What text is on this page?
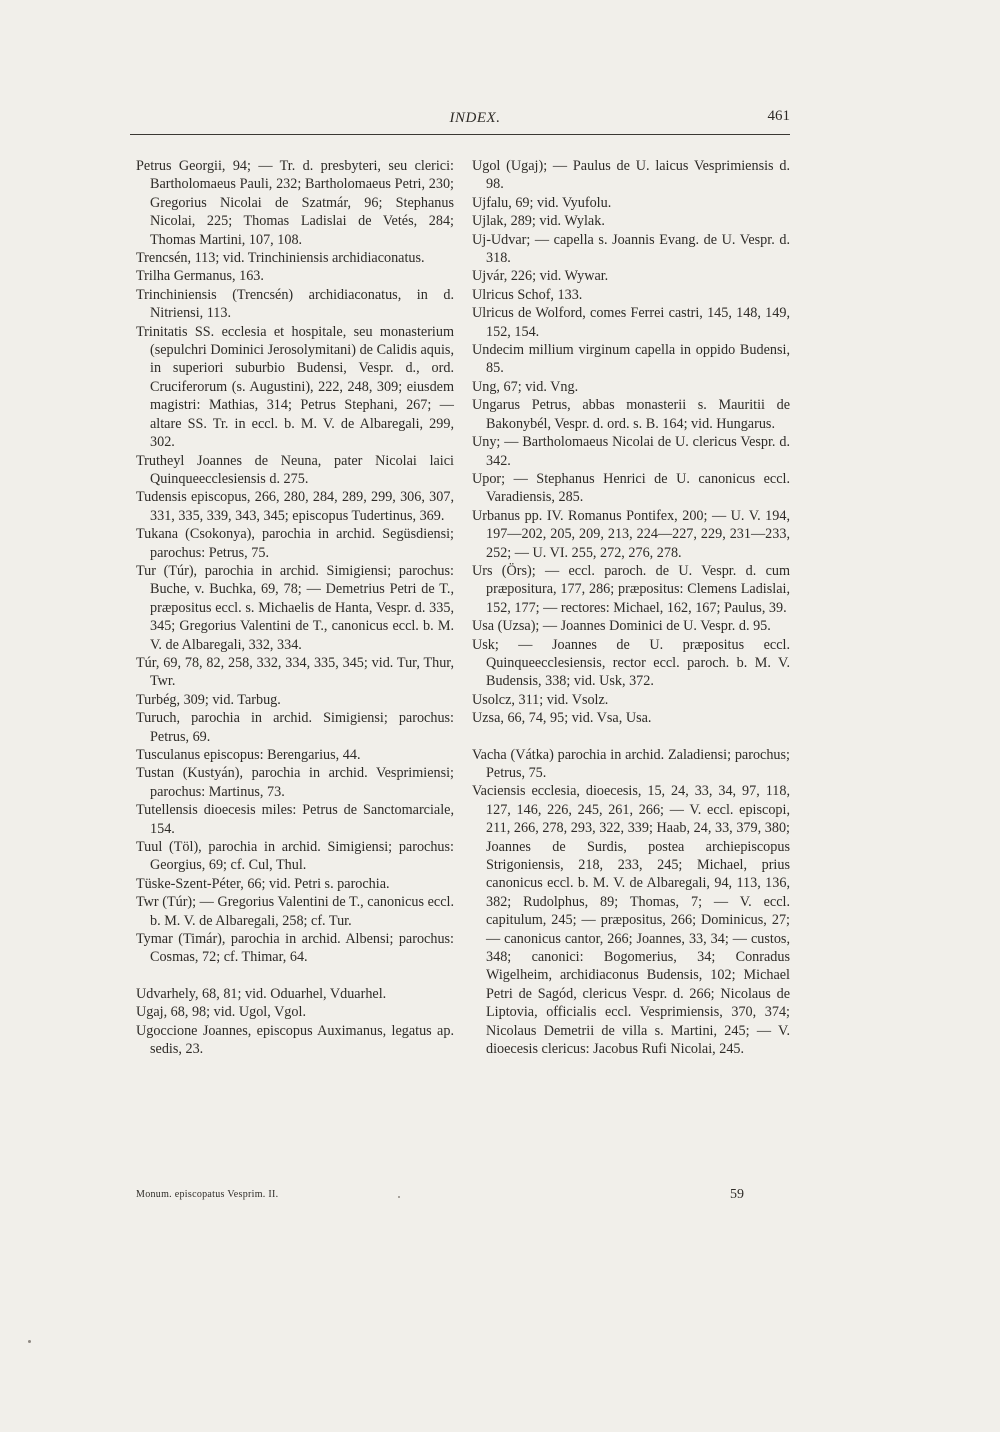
INDEX.	461

Petrus Georgii, 94; — Tr. d. presbyteri, seu clerici: Bartholomaeus Pauli, 232; Bartholomaeus Petri, 230; Gregorius Nicolai de Szatmár, 96; Stephanus Nicolai, 225; Thomas Ladislai de Vetés, 284; Thomas Martini, 107, 108.

Trencsén, 113; vid. Trinchiniensis archidiaconatus.

Trilha Germanus, 163.

Trinchiniensis (Trencsén) archidiaconatus, in d. Nitriensi, 113.

Trinitatis SS. ecclesia et hospitale, seu monasterium (sepulchri Dominici Jerosolymitani) de Calidis aquis, in superiori suburbio Budensi, Vespr. d., ord. Cruciferorum (s. Augustini), 222, 248, 309; eiusdem magistri: Mathias, 314; Petrus Stephani, 267; — altare SS. Tr. in eccl. b. M. V. de Albaregali, 299, 302.

Trutheyl Joannes de Neuna, pater Nicolai laici Quinqueecclesiensis d. 275.

Tudensis episcopus, 266, 280, 284, 289, 299, 306, 307, 331, 335, 339, 343, 345; episcopus Tudertinus, 369.

Tukana (Csokonya), parochia in archid. Següsdiensi; parochus: Petrus, 75.

Tur (Túr), parochia in archid. Simigiensi; parochus: Buche, v. Buchka, 69, 78; — Demetrius Petri de T., præpositus eccl. s. Michaelis de Hanta, Vespr. d. 335, 345; Gregorius Valentini de T., canonicus eccl. b. M. V. de Albaregali, 332, 334.

Túr, 69, 78, 82, 258, 332, 334, 335, 345; vid. Tur, Thur, Twr.

Turbég, 309; vid. Tarbug.

Turuch, parochia in archid. Simigiensi; parochus: Petrus, 69.

Tusculanus episcopus: Berengarius, 44.

Tustan (Kustyán), parochia in archid. Vesprimiensi; parochus: Martinus, 73.

Tutellensis dioecesis miles: Petrus de Sanctomarciale, 154.

Tuul (Töl), parochia in archid. Simigiensi; parochus: Georgius, 69; cf. Cul, Thul.

Tüske-Szent-Péter, 66; vid. Petri s. parochia.

Twr (Túr); — Gregorius Valentini de T., canonicus eccl. b. M. V. de Albaregali, 258; cf. Tur.

Tymar (Timár), parochia in archid. Albensi; parochus: Cosmas, 72; cf. Thimar, 64.

Udvarhely, 68, 81; vid. Oduarhel, Vduarhel.

Ugaj, 68, 98; vid. Ugol, Vgol.

Ugoccione Joannes, episcopus Auximanus, legatus ap. sedis, 23.

Ugol (Ugaj); — Paulus de U. laicus Vesprimiensis d. 98.

Ujfalu, 69; vid. Vyufolu.

Ujlak, 289; vid. Wylak.

Uj-Udvar; — capella s. Joannis Evang. de U. Vespr. d. 318.

Ujvár, 226; vid. Wywar.

Ulricus Schof, 133.

Ulricus de Wolford, comes Ferrei castri, 145, 148, 149, 152, 154.

Undecim millium virginum capella in oppido Budensi, 85.

Ung, 67; vid. Vng.

Ungarus Petrus, abbas monasterii s. Mauritii de Bakonybél, Vespr. d. ord. s. B. 164; vid. Hungarus.

Uny; — Bartholomaeus Nicolai de U. clericus Vespr. d. 342.

Upor; — Stephanus Henrici de U. canonicus eccl. Varadiensis, 285.

Urbanus pp. IV. Romanus Pontifex, 200; — U. V. 194, 197—202, 205, 209, 213, 224—227, 229, 231—233, 252; — U. VI. 255, 272, 276, 278.

Urs (Örs); — eccl. paroch. de U. Vespr. d. cum præpositura, 177, 286; præpositus: Clemens Ladislai, 152, 177; — rectores: Michael, 162, 167; Paulus, 39.

Usa (Uzsa); — Joannes Dominici de U. Vespr. d. 95.

Usk; — Joannes de U. præpositus eccl. Quinqueecclesiensis, rector eccl. paroch. b. M. V. Budensis, 338; vid. Usk, 372.

Usolcz, 311; vid. Vsolz.

Uzsa, 66, 74, 95; vid. Vsa, Usa.

Vacha (Vátka) parochia in archid. Zaladiensi; parochus; Petrus, 75.

Vaciensis ecclesia, dioecesis, 15, 24, 33, 34, 97, 118, 127, 146, 226, 245, 261, 266; — V. eccl. episcopi, 211, 266, 278, 293, 322, 339; Haab, 24, 33, 379, 380; Joannes de Surdis, postea archiepiscopus Strigoniensis, 218, 233, 245; Michael, prius canonicus eccl. b. M. V. de Albaregali, 94, 113, 136, 382; Rudolphus, 89; Thomas, 7; — V. eccl. capitulum, 245; — præpositus, 266; Dominicus, 27; — canonicus cantor, 266; Joannes, 33, 34; — custos, 348; canonici: Bogomerius, 34; Conradus Wigelheim, archidiaconus Budensis, 102; Michael Petri de Sagód, clericus Vespr. d. 266; Nicolaus de Liptovia, officialis eccl. Vesprimiensis, 370, 374; Nicolaus Demetrii de villa s. Martini, 245; — V. dioecesis clericus: Jacobus Rufi Nicolai, 245.

Monum. episcopatus Vesprim. II.	59
